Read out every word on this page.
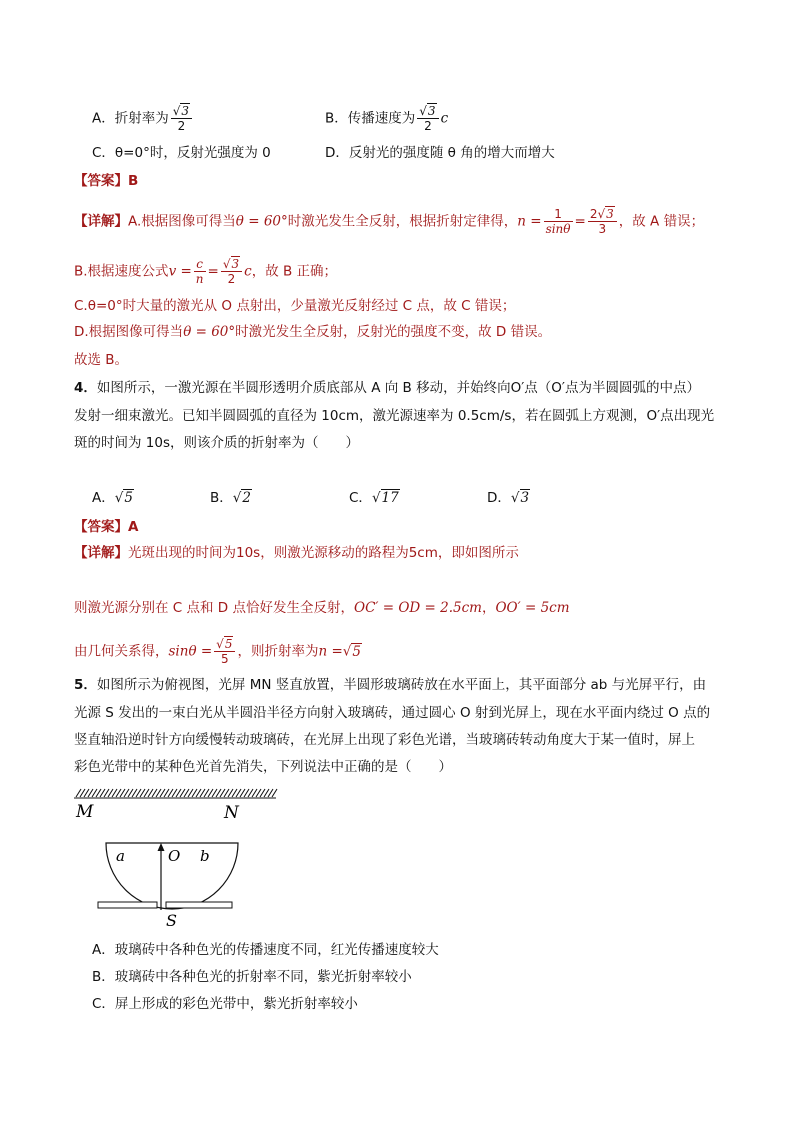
A．折射率为 $\frac{√3}{2}$	B．传播速度为 $\frac{√3}{2}$ c
C．θ=0°时，反射光强度为 0	D．反射光的强度随 θ 角的增大而增大
【答案】B
【详解】A.根据图像可得当θ = 60°时激光发生全反射，根据折射定律得，$n = \frac{1}{\sin\theta} = \frac{2√3}{3}$ ，故 A 错误；
B.根据速度公式$v = \frac{c}{n} = \frac{√3}{2}$ c，故 B 正确；
C.θ=0°时大量的激光从 O 点射出，少量激光反射经过 C 点，故 C 错误；
D.根据图像可得当θ = 60°时激光发生全反射，反射光的强度不变，故 D 错误。
故选 B。
4．如图所示，一激光源在半圆形透明介质底部从 A 向 B 移动，并始终向O′点（O′点为半圆圆弧的中点）
发射一细束激光。已知半圆圆弧的直径为 10cm，激光源速率为 0.5cm/s，若在圆弧上方观测，O′点出现光
斑的时间为 10s，则该介质的折射率为（　　）
A．√5	B．√2	C．√17	D．√3
【答案】A
【详解】光斑出现的时间为10s，则激光源移动的路程为5cm，即如图所示
则激光源分别在 C 点和 D 点恰好发生全反射，OC′ = OD = 2.5cm，OO′ = 5cm
由几何关系得，$\sin\theta = \frac{√5}{5}$ ，则折射率为n =√5
5．如图所示为俯视图，光屏 MN 竖直放置，半圆形玻璃砖放在水平面上，其平面部分 ab 与光屏平行，由
光源 S 发出的一束白光从半圆沿半径方向射入玻璃砖，通过圆心 O 射到光屏上，现在水平面内绕过 O 点的
竖直轴沿逆时针方向缓慢转动玻璃砖，在光屏上出现了彩色光谱，当玻璃砖转动角度大于某一值时，屏上
彩色光带中的某种色光首先消失，下列说法中正确的是（　　）
M	N
a	O b
S
A．玻璃砖中各种色光的传播速度不同，红光传播速度较大
B．玻璃砖中各种色光的折射率不同，紫光折射率较小
C．屏上形成的彩色光带中，紫光折射率较小
